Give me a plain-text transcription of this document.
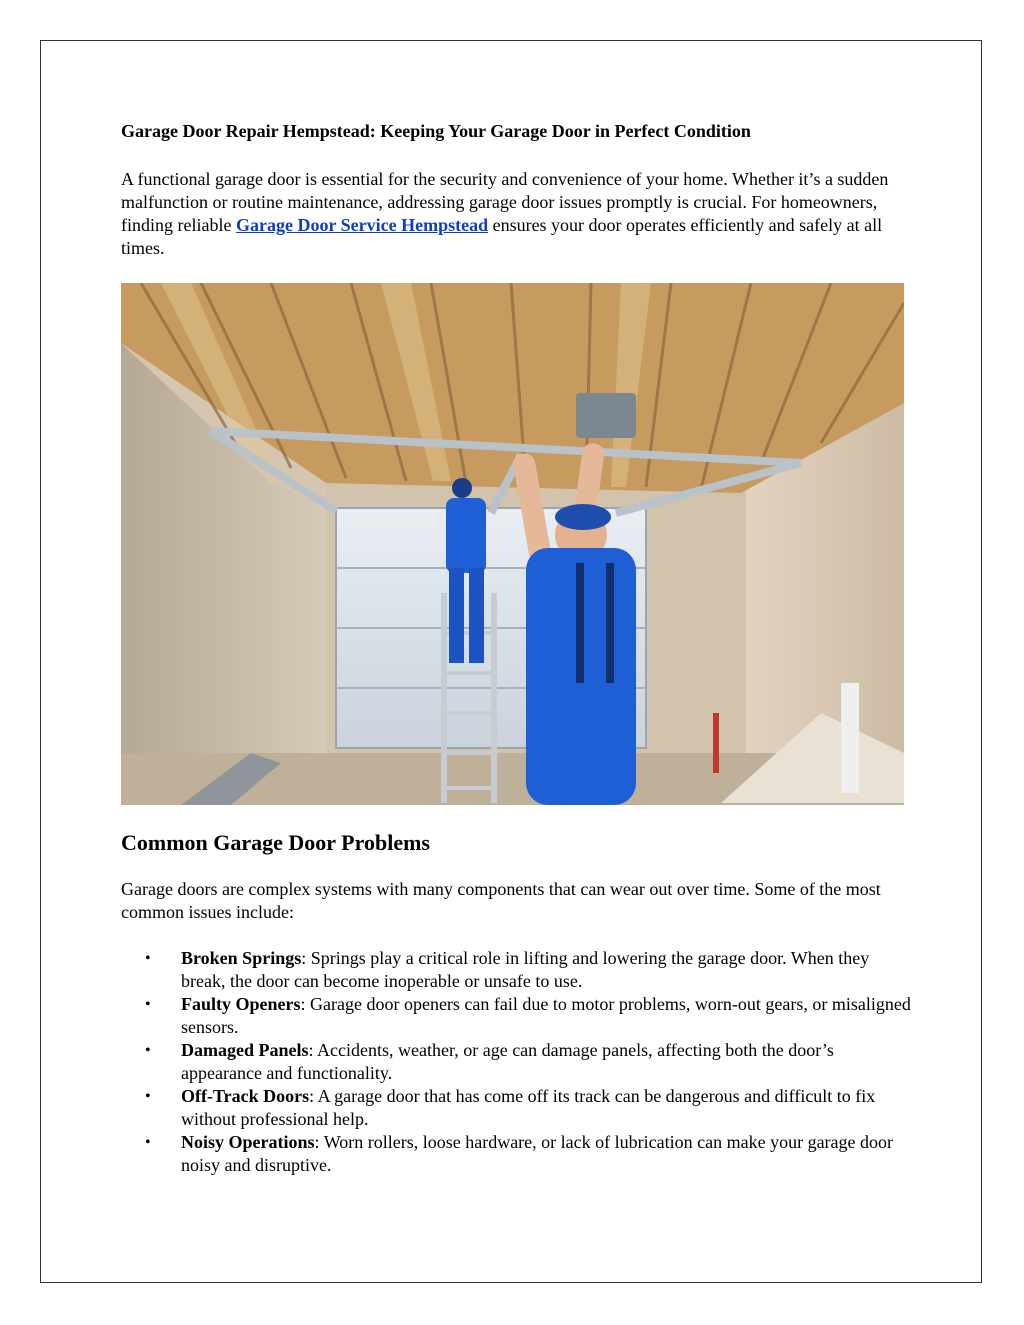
Garage Door Repair Hempstead: Keeping Your Garage Door in Perfect Condition

A functional garage door is essential for the security and convenience of your home. Whether it’s a sudden malfunction or routine maintenance, addressing garage door issues promptly is crucial. For homeowners, finding reliable Garage Door Service Hempstead ensures your door operates efficiently and safely at all times.

Common Garage Door Problems

Garage doors are complex systems with many components that can wear out over time. Some of the most common issues include:

• Broken Springs: Springs play a critical role in lifting and lowering the garage door. When they break, the door can become inoperable or unsafe to use.
• Faulty Openers: Garage door openers can fail due to motor problems, worn-out gears, or misaligned sensors.
• Damaged Panels: Accidents, weather, or age can damage panels, affecting both the door’s appearance and functionality.
• Off-Track Doors: A garage door that has come off its track can be dangerous and difficult to fix without professional help.
• Noisy Operations: Worn rollers, loose hardware, or lack of lubrication can make your garage door noisy and disruptive.
